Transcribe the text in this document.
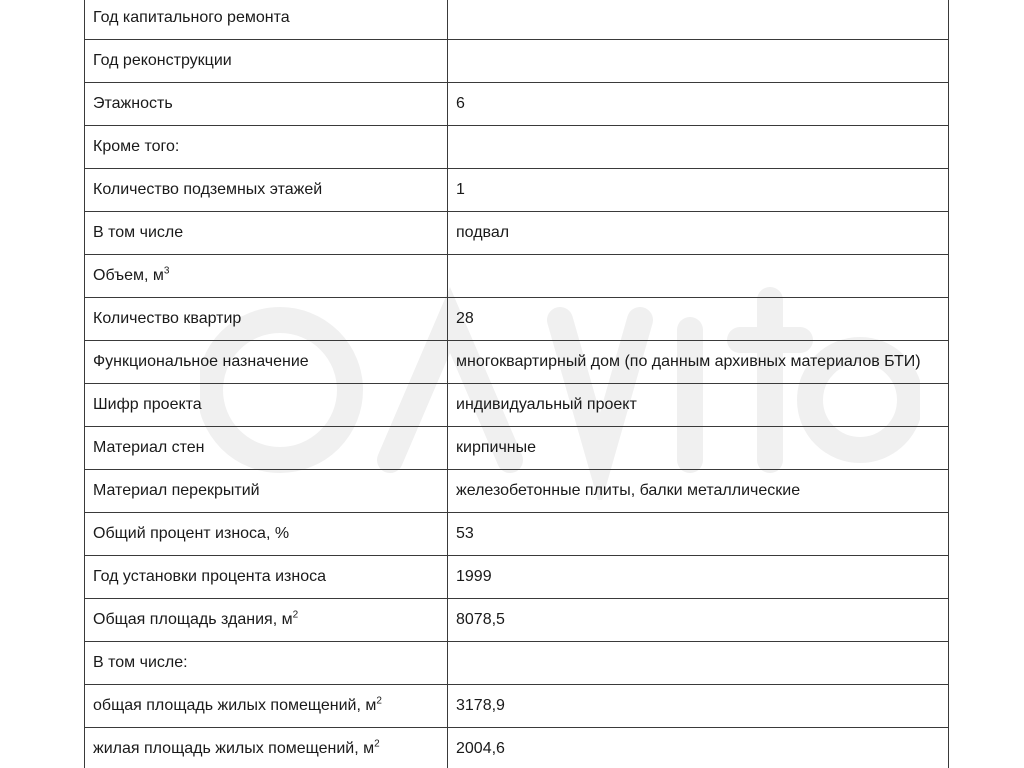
Год капитального ремонта	
Год реконструкции	
Этажность	6
Кроме того:	
Количество подземных этажей	1
В том числе	подвал
Объем, $м^3$	
Количество квартир	28
Функциональное назначение	многоквартирный дом (по данным архивных материалов БТИ)
Шифр проекта	индивидуальный проект
Материал стен	кирпичные
Материал перекрытий	железобетонные плиты, балки металлические
Общий процент износа, %	53
Год установки процента износа	1999
Общая площадь здания, $м^2$	8078,5
В том числе:	
общая площадь жилых помещений, $м^2$	3178,9
жилая площадь жилых помещений, $м^2$	2004,6
